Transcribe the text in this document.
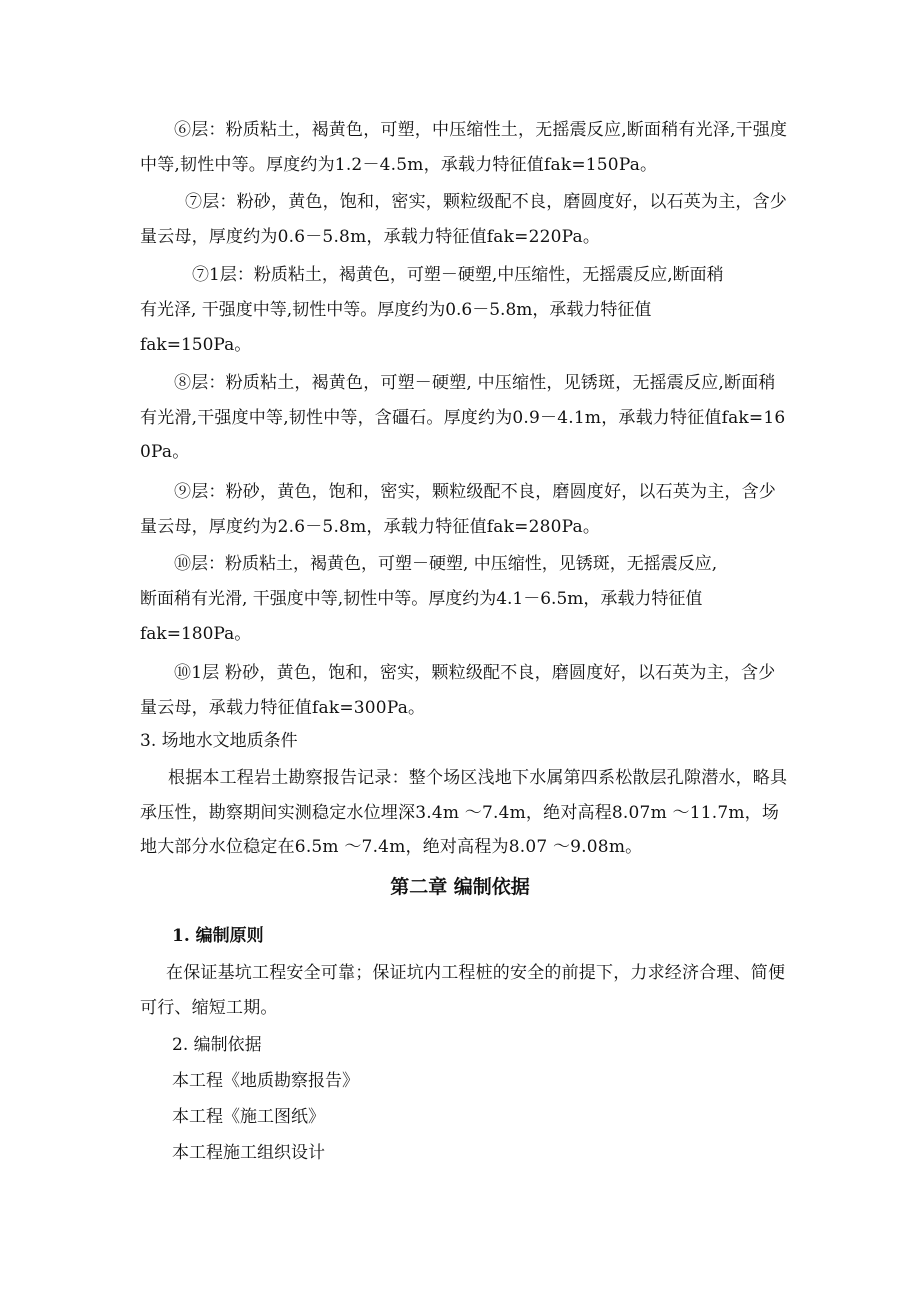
⑥层：粉质粘土，褐黄色，可塑，中压缩性土，无摇震反应,断面稍有光泽,干强度中等,韧性中等。厚度约为1.2－4.5m，承载力特征值fak=150Pa。

⑦层：粉砂，黄色，饱和，密实，颗粒级配不良，磨圆度好，以石英为主，含少量云母，厚度约为0.6－5.8m，承载力特征值fak=220Pa。

⑦1层：粉质粘土，褐黄色，可塑－硬塑,中压缩性，无摇震反应,断面稍

有光泽, 干强度中等,韧性中等。厚度约为0.6－5.8m，承载力特征值

fak=150Pa。

⑧层：粉质粘土，褐黄色，可塑－硬塑, 中压缩性，见锈斑，无摇震反应,断面稍有光滑,干强度中等,韧性中等，含礓石。厚度约为0.9－4.1m，承载力特征值fak=160Pa。

⑨层：粉砂，黄色，饱和，密实，颗粒级配不良，磨圆度好，以石英为主，含少量云母，厚度约为2.6－5.8m，承载力特征值fak=280Pa。

⑩层：粉质粘土，褐黄色，可塑－硬塑, 中压缩性，见锈斑，无摇震反应,

断面稍有光滑, 干强度中等,韧性中等。厚度约为4.1－6.5m，承载力特征值

fak=180Pa。

⑩1层 粉砂，黄色，饱和，密实，颗粒级配不良，磨圆度好，以石英为主，含少量云母，承载力特征值fak=300Pa。

3. 场地水文地质条件

根据本工程岩土勘察报告记录：整个场区浅地下水属第四系松散层孔隙潜水，略具承压性，勘察期间实测稳定水位埋深3.4m ～7.4m，绝对高程8.07m ～11.7m，场地大部分水位稳定在6.5m ～7.4m，绝对高程为8.07 ～9.08m。

第二章 编制依据

1. 编制原则

在保证基坑工程安全可靠；保证坑内工程桩的安全的前提下，力求经济合理、简便可行、缩短工期。

2. 编制依据

本工程《地质勘察报告》

本工程《施工图纸》

本工程施工组织设计
